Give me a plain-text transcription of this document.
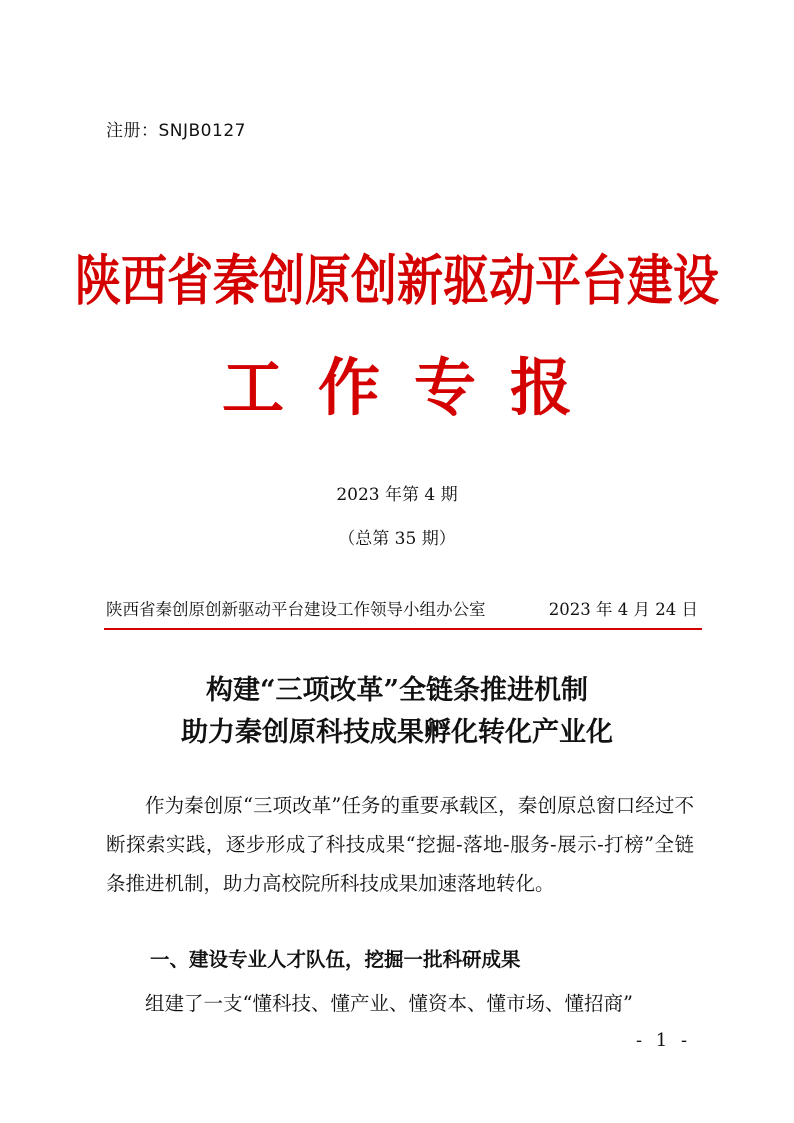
注册：SNJB0127
陕西省秦创原创新驱动平台建设
工作专报
2023 年第 4 期
（总第 35 期）
陕西省秦创原创新驱动平台建设工作领导小组办公室	2023 年 4 月 24 日
构建“三项改革”全链条推进机制
助力秦创原科技成果孵化转化产业化
作为秦创原“三项改革”任务的重要承载区，秦创原总窗口经过不断探索实践，逐步形成了科技成果“挖掘-落地-服务-展示-打榜”全链条推进机制，助力高校院所科技成果加速落地转化。
一、建设专业人才队伍，挖掘一批科研成果
组建了一支“懂科技、懂产业、懂资本、懂市场、懂招商”
- 1 -
